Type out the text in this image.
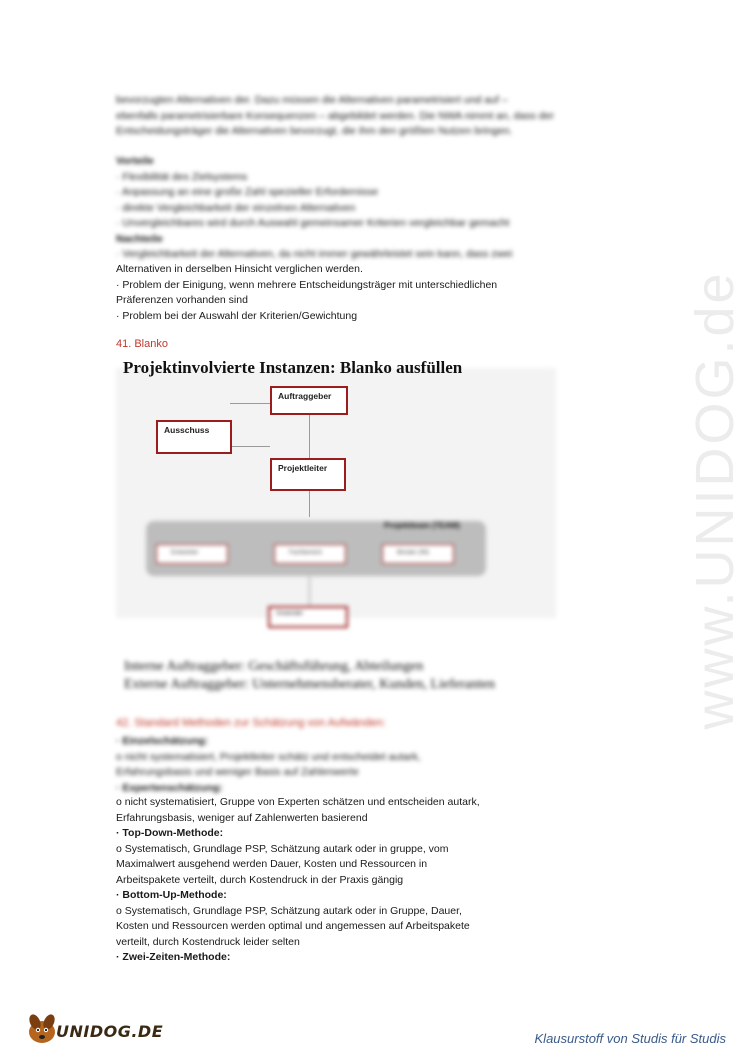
bevorzugten Alternativen der. Dazu müssen die Alternativen parametrisiert und auf –

ebenfalls parametrisierbare Konsequenzen – abgebildet werden. Die NWA nimmt an, dass der

Entscheidungsträger die Alternativen bevorzugt, die ihm den größten Nutzen bringen.

Vorteile

· Flexibilität des Zielsystems

· Anpassung an eine große Zahl spezieller Erfordernisse

· direkte Vergleichbarkeit der einzelnen Alternativen

· Unvergleichbares wird durch Auswahl gemeinsamer Kriterien vergleichbar gemacht

Nachteile

· Vergleichbarkeit der Alternativen, da nicht immer gewährleistet sein kann, dass zwei

Alternativen in derselben Hinsicht verglichen werden.

· Problem der Einigung, wenn mehrere Entscheidungsträger mit unterschiedlichen

Präferenzen vorhanden sind

· Problem bei der Auswahl der Kriterien/Gewichtung

41. Blanko
Projektinvolvierte Instanzen: Blanko ausfüllen
Auftraggeber
Ausschuss
Projektleiter
Projektteam (TEAM)
Entwickler	Fachbereich	Berater (IM)
Anwender
Interne Auftraggeber: Geschäftsführung, Abteilungen
Externe Auftraggeber: Unternehmensberater, Kunden, Lieferanten
42. Standard Methoden zur Schätzung von Aufwänden:

· Einzelschätzung:

o nicht systematisiert, Projektleiter schätz und entscheidet autark,

Erfahrungsbasis und weniger Basis auf Zahlenwerte

· Expertenschätzung:

o nicht systematisiert, Gruppe von Experten schätzen und entscheiden autark,

Erfahrungsbasis, weniger auf Zahlenwerten basierend

· Top-Down-Methode:

o Systematisch, Grundlage PSP, Schätzung autark oder in gruppe, vom

Maximalwert ausgehend werden Dauer, Kosten und Ressourcen in

Arbeitspakete verteilt, durch Kostendruck in der Praxis gängig

· Bottom-Up-Methode:

o Systematisch, Grundlage PSP, Schätzung autark oder in Gruppe, Dauer,

Kosten und Ressourcen werden optimal und angemessen auf Arbeitspakete

verteilt, durch Kostendruck leider selten

· Zwei-Zeiten-Methode:

www.UNIDOG.de
UNIDOG.DE	Klausurstoff von Studis für Studis
